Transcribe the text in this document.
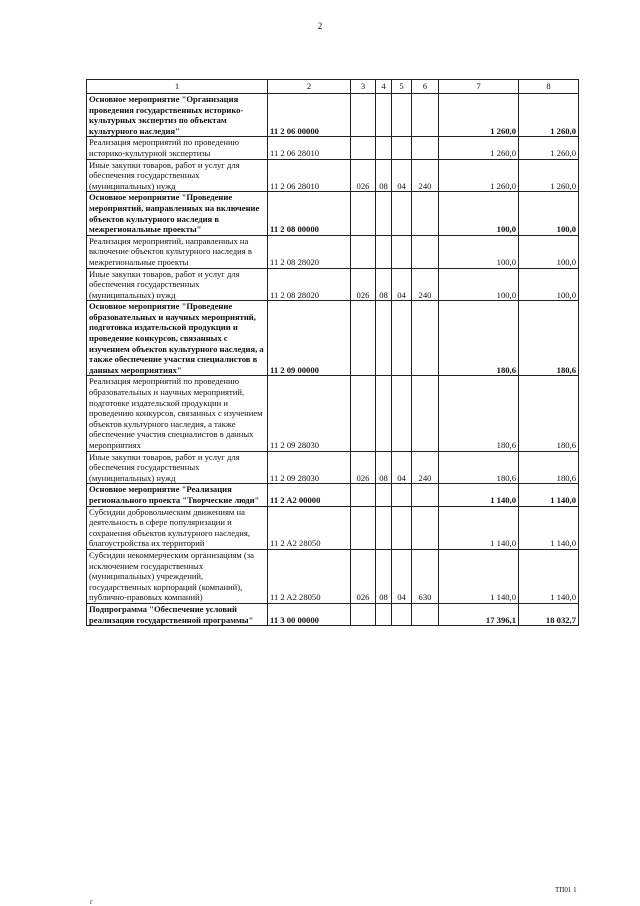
2
1	2	3	4	5	6	7	8
Основное мероприятие "Организация проведения государственных историко-культурных экспертиз по объектам культурного наследия"	11 2 06 00000					1 260,0	1 260,0
Реализация мероприятий по проведению историко-культурной экспертизы	11 2 06 28010					1 260,0	1 260,0
Иные закупки товаров, работ и услуг для обеспечения государственных (муниципальных) нужд	11 2 06 28010	026	08	04	240	1 260,0	1 260,0
Основное мероприятие "Проведение мероприятий, направленных на включение объектов культурного наследия в межрегиональные проекты"	11 2 08 00000					100,0	100,0
Реализация мероприятий, направленных на включение объектов культурного наследия в межрегиональные проекты	11 2 08 28020					100,0	100,0
Иные закупки товаров, работ и услуг для обеспечения государственных (муниципальных) нужд	11 2 08 28020	026	08	04	240	100,0	100,0
Основное мероприятие "Проведение образовательных и научных мероприятий, подготовка издательской продукции и проведение конкурсов, связанных с изучением объектов культурного наследия, а также обеспечение участия специалистов в данных мероприятиях"	11 2 09 00000					180,6	180,6
Реализация мероприятий по проведению образовательных и научных мероприятий, подготовке издательской продукции и проведению конкурсов, связанных с изучением объектов культурного наследия, а также обеспечение участия специалистов в данных мероприятиях	11 2 09 28030					180,6	180,6
Иные закупки товаров, работ и услуг для обеспечения государственных (муниципальных) нужд	11 2 09 28030	026	08	04	240	180,6	180,6
Основное мероприятие "Реализация регионального проекта "Творческие люди"	11 2 A2 00000					1 140,0	1 140,0
Субсидии добровольческим движениям на деятельность в сфере популяризации и сохранения объектов культурного наследия, благоустройства их территорий	11 2 A2 28050					1 140,0	1 140,0
Субсидии некоммерческим организациям (за исключением государственных (муниципальных) учреждений, государственных корпораций (компаний), публично-правовых компаний)	11 2 A2 28050	026	08	04	630	1 140,0	1 140,0
Подпрограмма "Обеспечение условий реализации государственной программы"	11 3 00 00000					17 396,1	18 032,7
ТП01 1
г
